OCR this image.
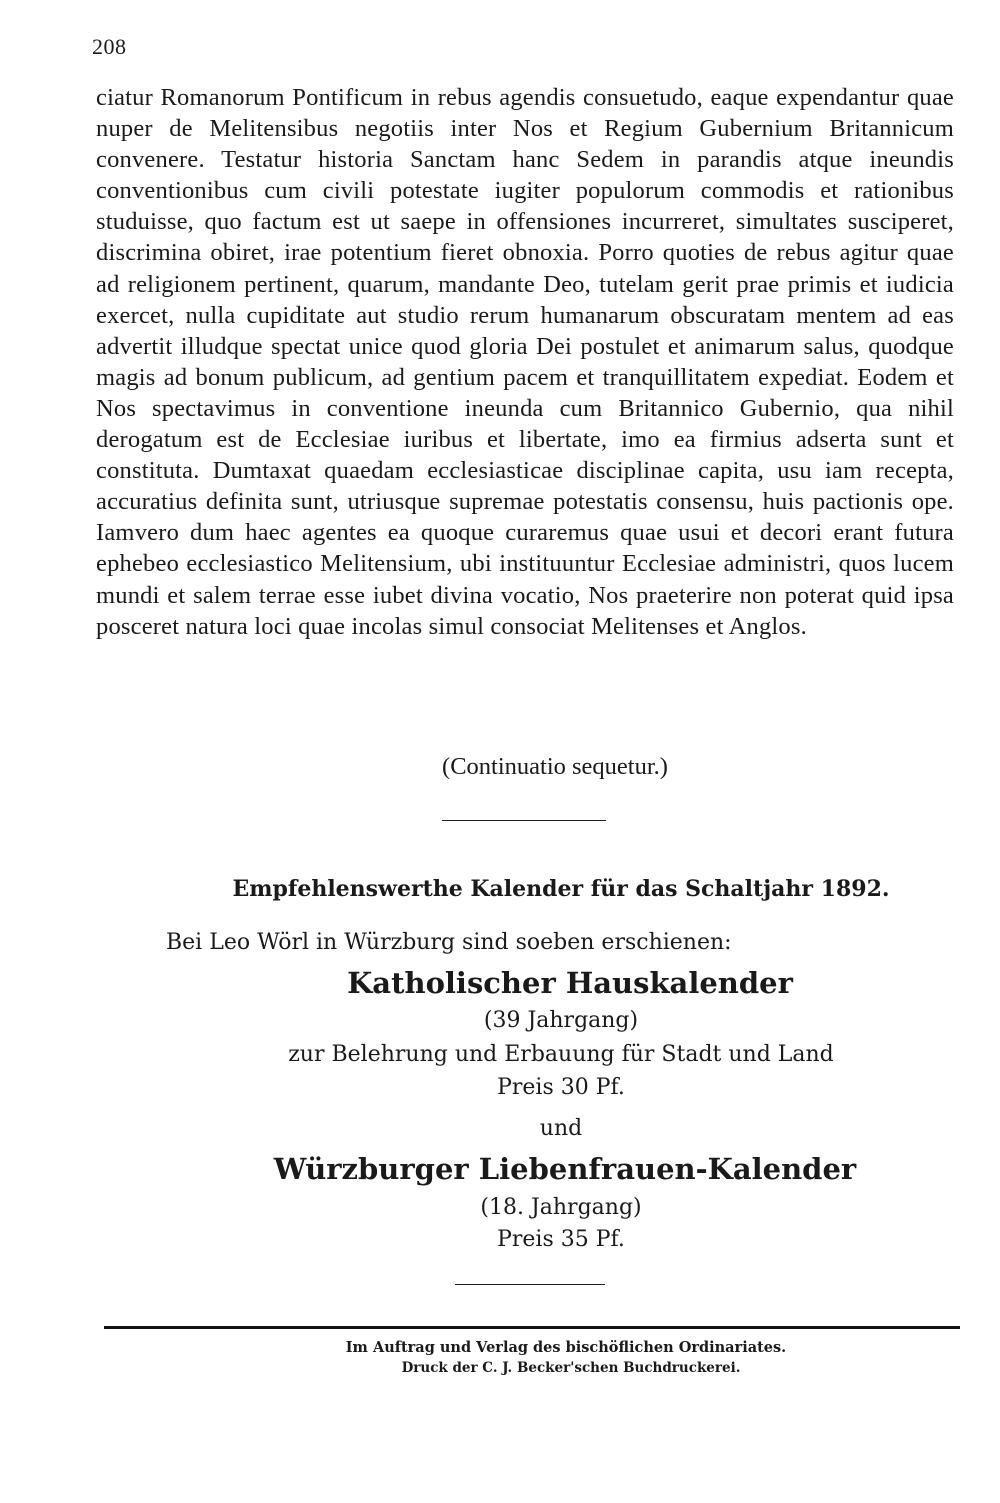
208
ciatur Romanorum Pontificum in rebus agendis consuetudo, eaque expendantur quae nuper de Melitensibus negotiis inter Nos et Regium Gubernium Britannicum convenere. Testatur historia Sanctam hanc Sedem in parandis atque ineundis conventionibus cum civili potestate iugiter populorum commodis et rationibus studuisse, quo factum est ut saepe in offensiones incurreret, simultates susciperet, discrimina obiret, irae potentium fieret obnoxia. Porro quoties de rebus agitur quae ad religionem pertinent, quarum, mandante Deo, tutelam gerit prae primis et iudicia exercet, nulla cupiditate aut studio rerum humanarum obscuratam mentem ad eas advertit illudque spectat unice quod gloria Dei postulet et animarum salus, quodque magis ad bonum publicum, ad gentium pacem et tranquillitatem expediat. Eodem et Nos spectavimus in conventione ineunda cum Britannico Gubernio, qua nihil derogatum est de Ecclesiae iuribus et libertate, imo ea firmius adserta sunt et constituta. Dumtaxat quaedam ecclesiasticae disciplinae capita, usu iam recepta, accuratius definita sunt, utriusque supremae potestatis consensu, huis pactionis ope. Iamvero dum haec agentes ea quoque curaremus quae usui et decori erant futura ephebeo ecclesiastico Melitensium, ubi instituuntur Ecclesiae administri, quos lucem mundi et salem terrae esse iubet divina vocatio, Nos praeterire non poterat quid ipsa posceret natura loci quae incolas simul consociat Melitenses et Anglos.
(Continuatio sequetur.)
Empfehlenswerthe Kalender für das Schaltjahr 1892.
Bei Leo Wörl in Würzburg sind soeben erschienen:
Katholischer Hauskalender
(39 Jahrgang)
zur Belehrung und Erbauung für Stadt und Land
Preis 30 Pf.
und
Würzburger Liebenfrauen-Kalender
(18. Jahrgang)
Preis 35 Pf.
Im Auftrag und Verlag des bischöflichen Ordinariates.
Druck der C. J. Becker'schen Buchdruckerei.
